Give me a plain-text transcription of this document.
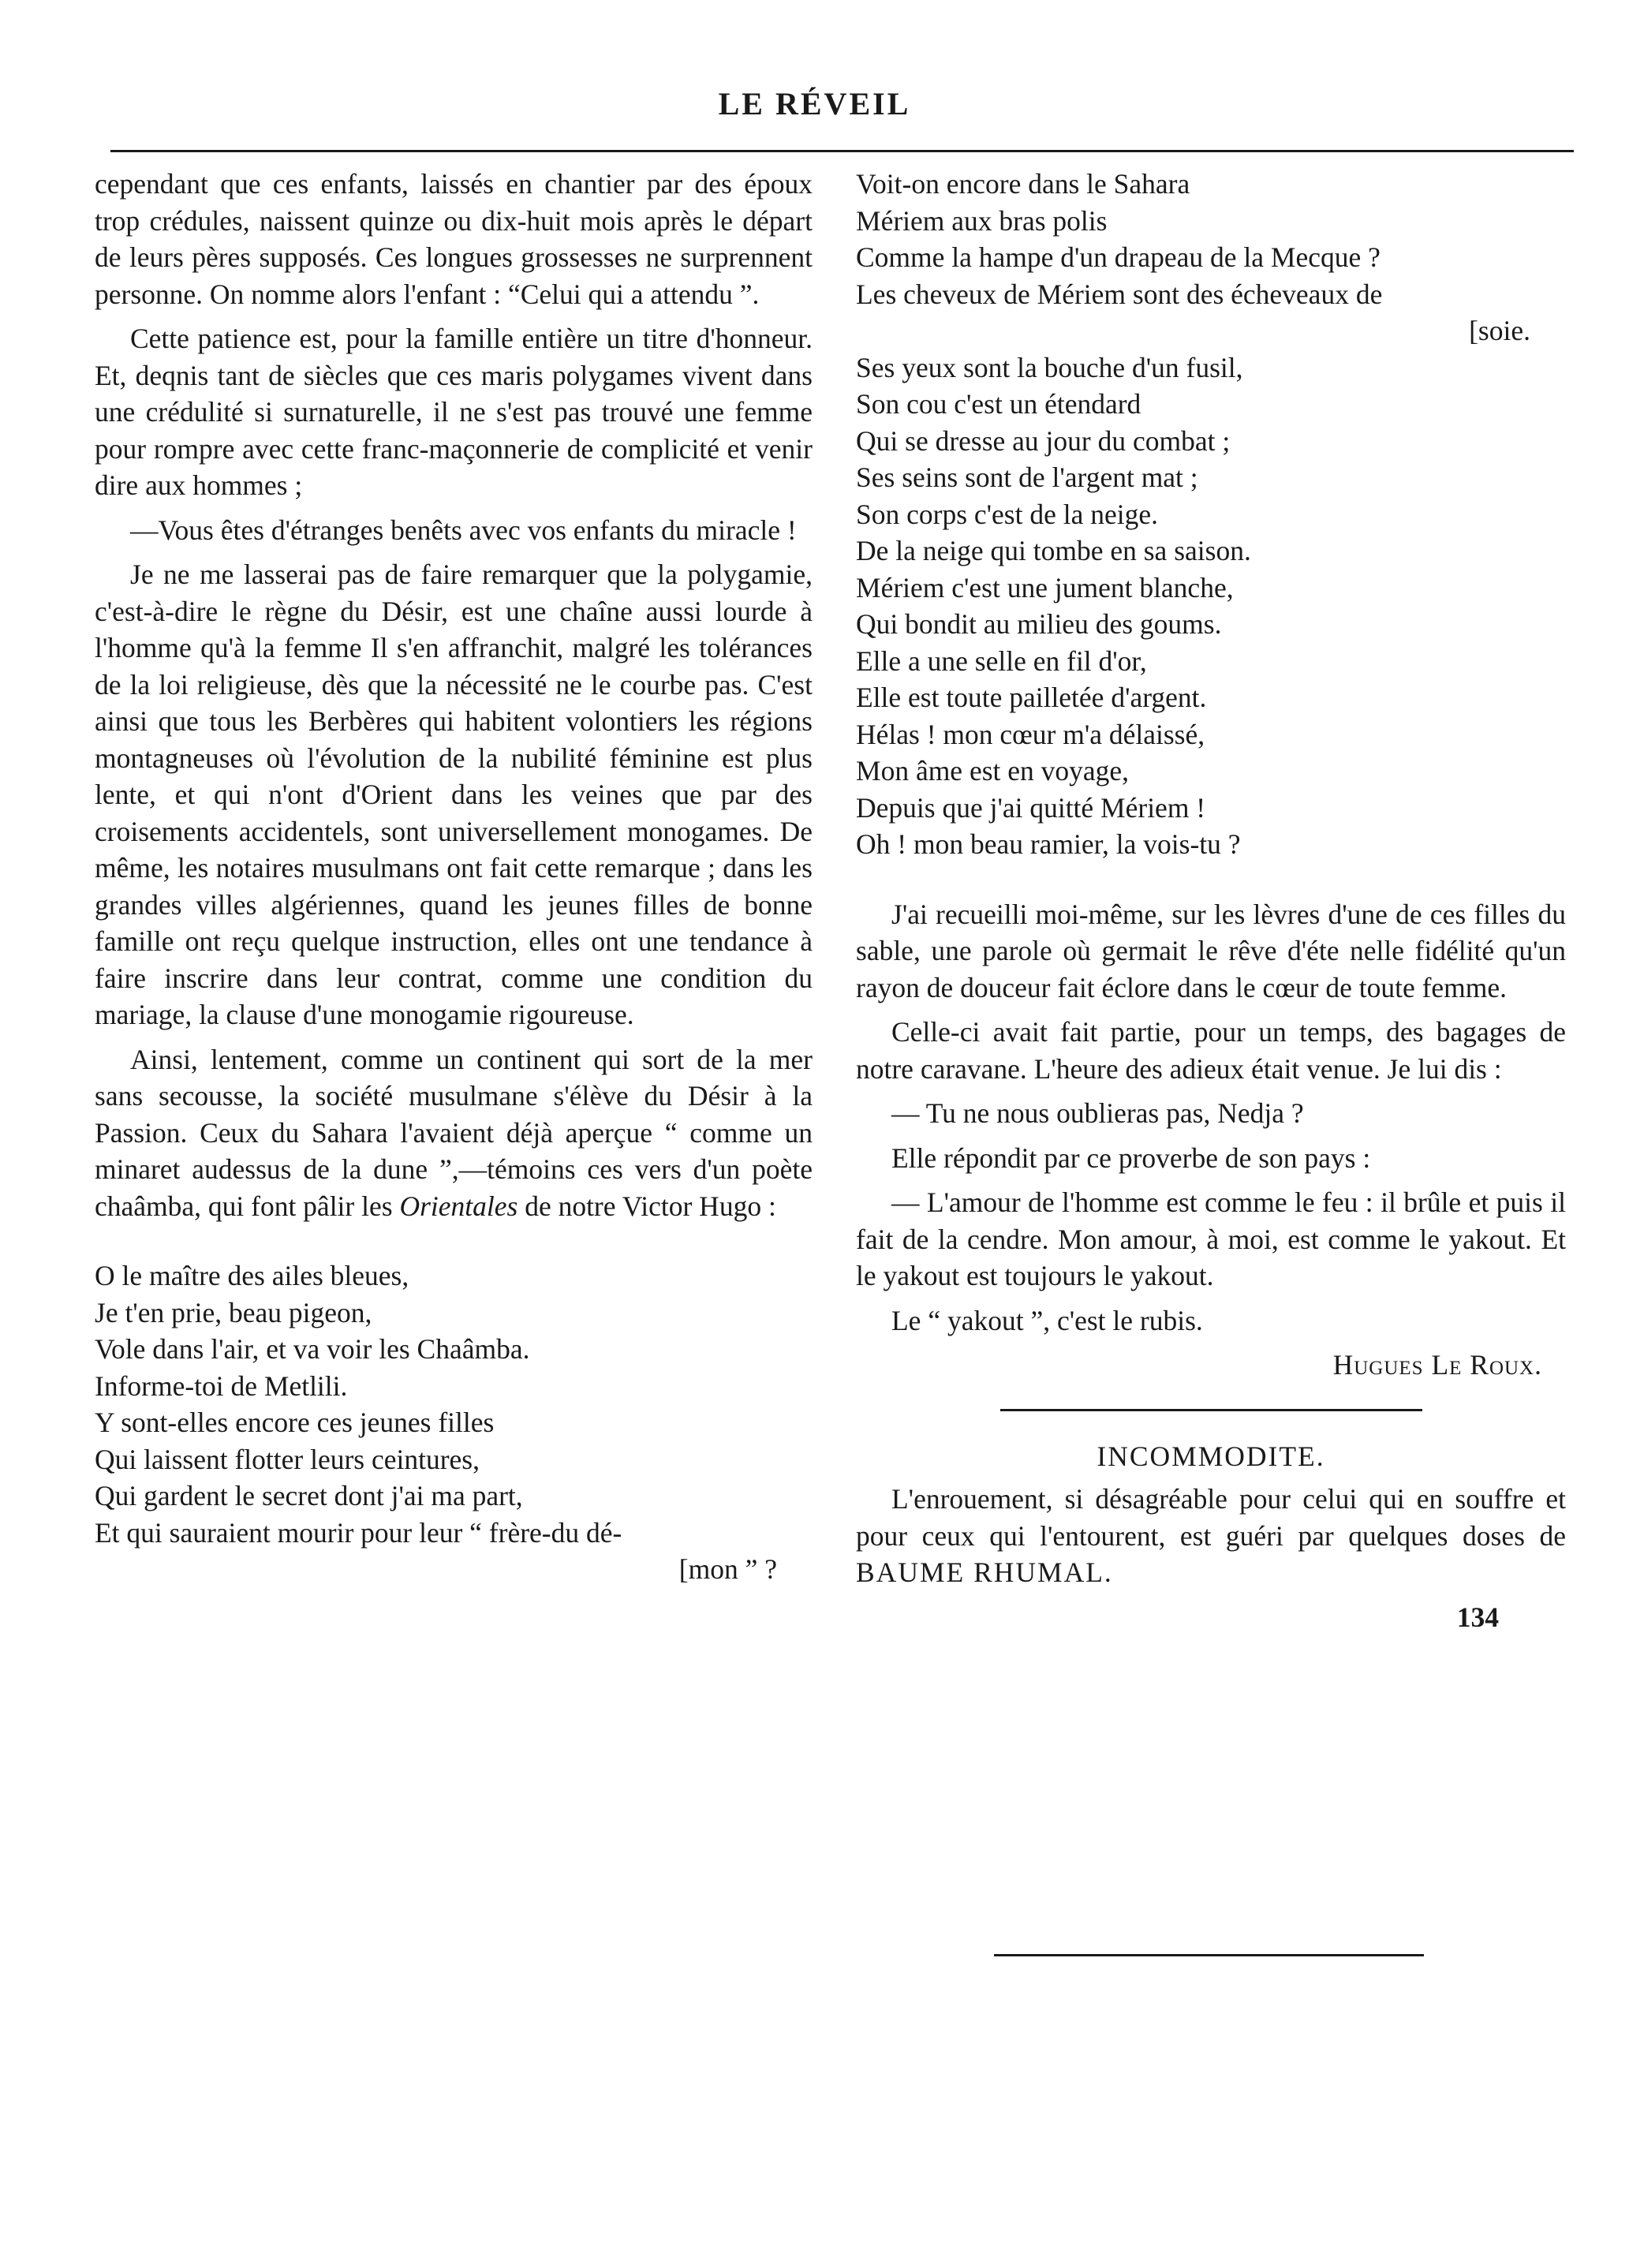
LE RÉVEIL

cependant que ces enfants, laissés en chantier par des époux trop crédules, naissent quinze ou dix-huit mois après le départ de leurs pères supposés. Ces longues grossesses ne surprennent personne. On nomme alors l'enfant : “Celui qui a attendu ”.

Cette patience est, pour la famille entière un titre d'honneur. Et, deqnis tant de siècles que ces maris polygames vivent dans une crédulité si surnaturelle, il ne s'est pas trouvé une femme pour rompre avec cette franc-maçonnerie de complicité et venir dire aux hommes ;

—Vous êtes d'étranges benêts avec vos enfants du miracle !

Je ne me lasserai pas de faire remarquer que la polygamie, c'est-à-dire le règne du Désir, est une chaîne aussi lourde à l'homme qu'à la femme Il s'en affranchit, malgré les tolérances de la loi religieuse, dès que la nécessité ne le courbe pas. C'est ainsi que tous les Berbères qui habitent volontiers les régions montagneuses où l'évolution de la nubilité féminine est plus lente, et qui n'ont d'Orient dans les veines que par des croisements accidentels, sont universellement monogames. De même, les notaires musulmans ont fait cette remarque ; dans les grandes villes algériennes, quand les jeunes filles de bonne famille ont reçu quelque instruction, elles ont une tendance à faire inscrire dans leur contrat, comme une condition du mariage, la clause d'une monogamie rigoureuse.

Ainsi, lentement, comme un continent qui sort de la mer sans secousse, la société musulmane s'élève du Désir à la Passion. Ceux du Sahara l'avaient déjà aperçue “ comme un minaret audessus de la dune ”,—témoins ces vers d'un poète chaâmba, qui font pâlir les Orientales de notre Victor Hugo :

O le maître des ailes bleues,
Je t'en prie, beau pigeon,
Vole dans l'air, et va voir les Chaâmba.
Informe-toi de Metlili.
Y sont-elles encore ces jeunes filles
Qui laissent flotter leurs ceintures,
Qui gardent le secret dont j'ai ma part,
Et qui sauraient mourir pour leur “ frère-du dé-
[mon ” ?
Voit-on encore dans le Sahara
Mériem aux bras polis
Comme la hampe d'un drapeau de la Mecque ?
Les cheveux de Mériem sont des écheveaux de
[soie.
Ses yeux sont la bouche d'un fusil,
Son cou c'est un étendard
Qui se dresse au jour du combat ;
Ses seins sont de l'argent mat ;
Son corps c'est de la neige.
De la neige qui tombe en sa saison.
Mériem c'est une jument blanche,
Qui bondit au milieu des goums.
Elle a une selle en fil d'or,
Elle est toute pailletée d'argent.
Hélas ! mon cœur m'a délaissé,
Mon âme est en voyage,
Depuis que j'ai quitté Mériem !
Oh ! mon beau ramier, la vois-tu ?

J'ai recueilli moi-même, sur les lèvres d'une de ces filles du sable, une parole où germait le rêve d'éte nelle fidélité qu'un rayon de douceur fait éclore dans le cœur de toute femme.

Celle-ci avait fait partie, pour un temps, des bagages de notre caravane. L'heure des adieux était venue. Je lui dis :

— Tu ne nous oublieras pas, Nedja ?

Elle répondit par ce proverbe de son pays :

— L'amour de l'homme est comme le feu : il brûle et puis il fait de la cendre. Mon amour, à moi, est comme le yakout. Et le yakout est toujours le yakout.

Le “ yakout ”, c'est le rubis.

Hugues Le Roux.
INCOMMODITE.

L'enrouement, si désagréable pour celui qui en souffre et pour ceux qui l'entourent, est guéri par quelques doses de BAUME RHUMAL.

134
